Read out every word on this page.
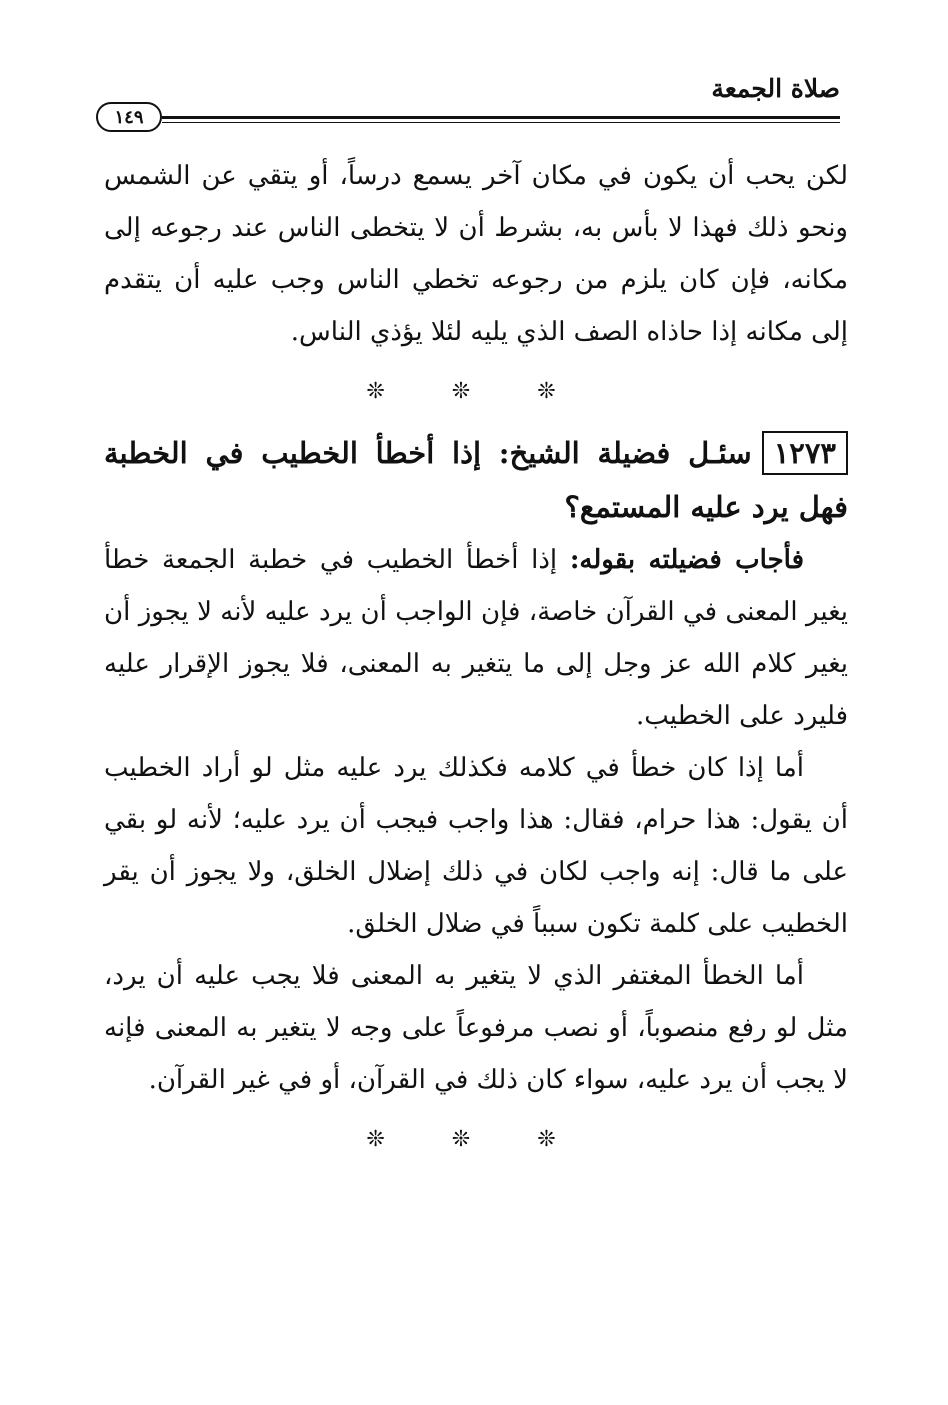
صلاة الجمعة
١٤٩

لكن يحب أن يكون في مكان آخر يسمع درساً، أو يتقي عن الشمس ونحو ذلك فهذا لا بأس به، بشرط أن لا يتخطى الناس عند رجوعه إلى مكانه، فإن كان يلزم من رجوعه تخطي الناس وجب عليه أن يتقدم إلى مكانه إذا حاذاه الصف الذي يليه لئلا يؤذي الناس.

❊ ❊ ❊

١٢٧٣سئـل فضيلة الشيخ: إذا أخطأ الخطيب في الخطبة فهل يرد عليه المستمع؟

فأجاب فضيلته بقوله: إذا أخطأ الخطيب في خطبة الجمعة خطأ يغير المعنى في القرآن خاصة، فإن الواجب أن يرد عليه لأنه لا يجوز أن يغير كلام الله عز وجل إلى ما يتغير به المعنى، فلا يجوز الإقرار عليه فليرد على الخطيب.

أما إذا كان خطأ في كلامه فكذلك يرد عليه مثل لو أراد الخطيب أن يقول: هذا حرام، فقال: هذا واجب فيجب أن يرد عليه؛ لأنه لو بقي على ما قال: إنه واجب لكان في ذلك إضلال الخلق، ولا يجوز أن يقر الخطيب على كلمة تكون سبباً في ضلال الخلق.

أما الخطأ المغتفر الذي لا يتغير به المعنى فلا يجب عليه أن يرد، مثل لو رفع منصوباً، أو نصب مرفوعاً على وجه لا يتغير به المعنى فإنه لا يجب أن يرد عليه، سواء كان ذلك في القرآن، أو في غير القرآن.

❊ ❊ ❊
